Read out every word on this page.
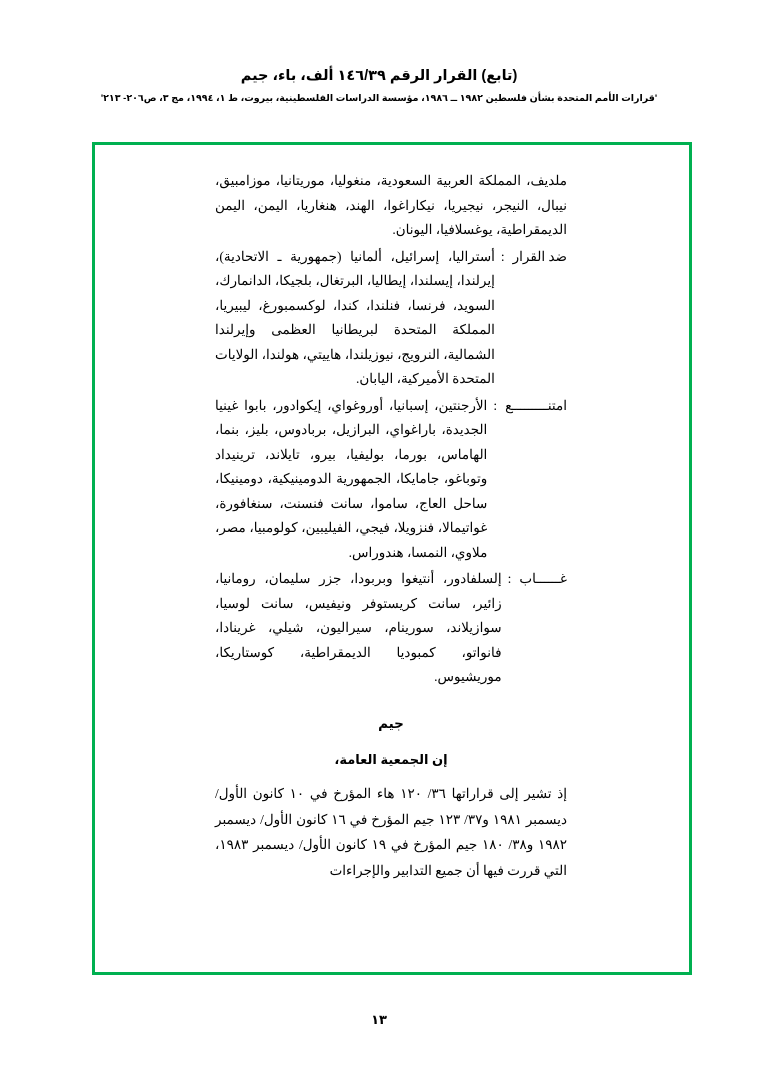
(تابع) القرار الرقم ١٤٦/٣٩ ألف، باء، جيم
'قرارات الأمم المتحدة بشأن فلسطين ١٩٨٢ ــ ١٩٨٦، مؤسسة الدراسات الفلسطينية، بيروت، ط ١، ١٩٩٤، مج ٣، ص٢٠٦- ٢١٣'

ملديف، المملكة العربية السعودية، منغوليا، موريتانيا، موزامبيق، نيبال، النيجر، نيجيريا، نيكاراغوا، الهند، هنغاريا، اليمن، اليمن الديمقراطية، يوغسلافيا، اليونان.

ضد القرار
:
أستراليا، إسرائيل، ألمانيا (جمهورية ـ الاتحادية)، إيرلندا، إيسلندا، إيطاليا، البرتغال، بلجيكا، الدانمارك، السويد، فرنسا، فنلندا، كندا، لوكسمبورغ، ليبيريا، المملكة المتحدة لبريطانيا العظمى وإيرلندا الشمالية، النرويج، نيوزيلندا، هاييتي، هولندا، الولايات المتحدة الأميركية، اليابان.
امتنـــــــــع
:
الأرجنتين، إسبانيا، أوروغواي، إيكوادور، بابوا غينيا الجديدة، باراغواي، البرازيل، بربادوس، بليز، بنما، الهاماس، بورما، بوليفيا، بيرو، تايلاند، ترينيداد وتوباغو، جامايكا، الجمهورية الدومينيكية، دومينيكا، ساحل العاج، ساموا، سانت فنسنت، سنغافورة، غواتيمالا، فنزويلا، فيجي، الفيليبين، كولومبيا، مصر، ملاوي، النمسا، هندوراس.
غــــــاب
:
إلسلفادور، أنتيغوا وبربودا، جزر سليمان، رومانيا، زائير، سانت كريستوفر ونيفيس، سانت لوسيا، سوازيلاند، سورينام، سيراليون، شيلي، غرينادا، فانواتو، كمبوديا الديمقراطية، كوستاريكا، موريشيوس.
جيم
إن الجمعية العامة،

إذ تشير إلى قراراتها ٣٦/ ١٢٠ هاء المؤرخ في ١٠ كانون الأول/ ديسمبر ١٩٨١ و٣٧/ ١٢٣ جيم المؤرخ في ١٦ كانون الأول/ ديسمبر ١٩٨٢ و٣٨/ ١٨٠ جيم المؤرخ في ١٩ كانون الأول/ ديسمبر ١٩٨٣، التي قررت فيها أن جميع التدابير والإجراءات

١٣
